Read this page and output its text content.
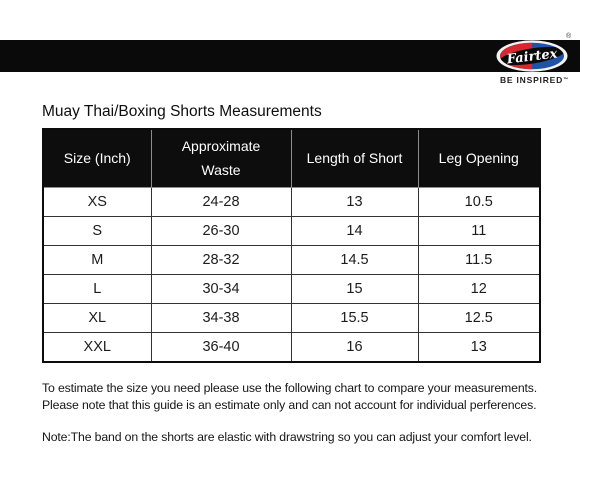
Fairtex
®
BE INSPIRED™
Muay Thai/Boxing Shorts Measurements
Size (Inch)	Approximate Waste	Length of Short	Leg Opening
XS	24-28	13	10.5
S	26-30	14	11
M	28-32	14.5	11.5
L	30-34	15	12
XL	34-38	15.5	12.5
XXL	36-40	16	13
To estimate the size you need please use the following chart to compare your measurements.
Please note that this guide is an estimate only and can not account for individual perferences.
Note:The band on the shorts are elastic with drawstring so you can adjust your comfort level.
